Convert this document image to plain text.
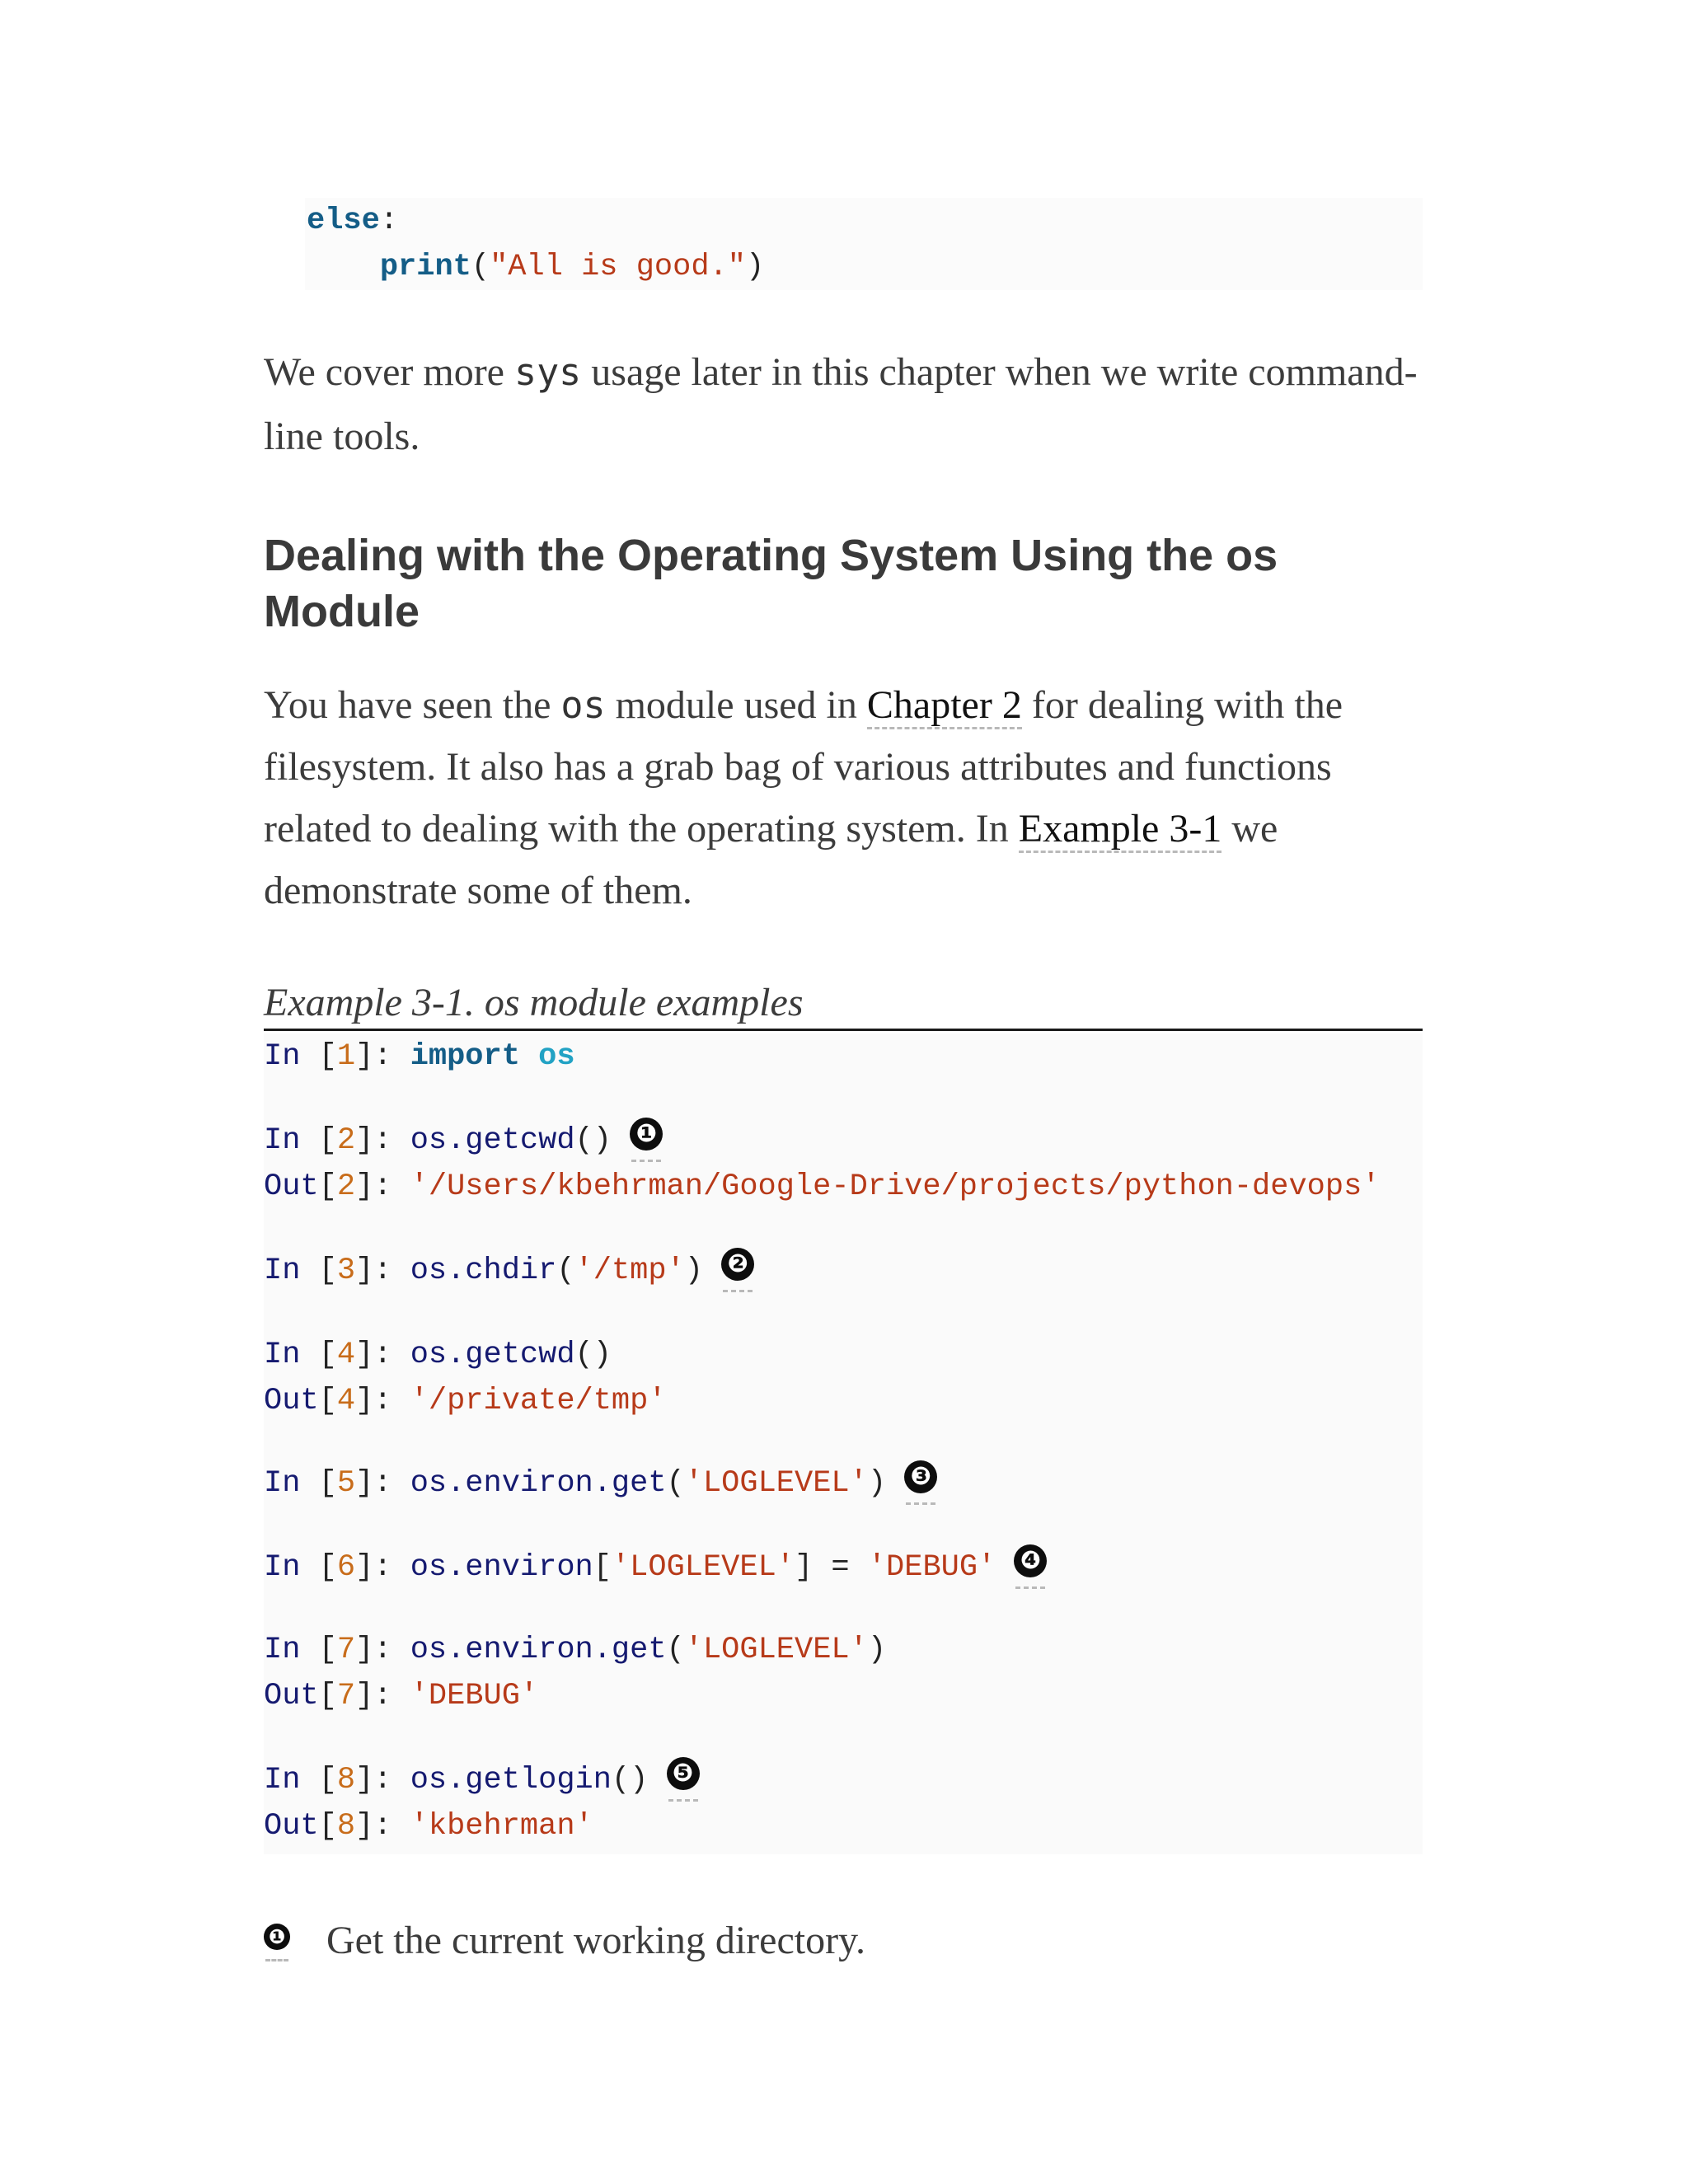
else:
print("All is good.")
We cover more sys usage later in this chapter when we write command-line tools.
Dealing with the Operating System Using the os Module
You have seen the os module used in Chapter 2 for dealing with the filesystem. It also has a grab bag of various attributes and functions related to dealing with the operating system. In Example 3-1 we demonstrate some of them.
Example 3-1. os module examples
In [1]: import os
In [2]: os.getcwd() ❶
Out[2]: '/Users/kbehrman/Google-Drive/projects/python-devops'
In [3]: os.chdir('/tmp') ❷
In [4]: os.getcwd()
Out[4]: '/private/tmp'
In [5]: os.environ.get('LOGLEVEL') ❸
In [6]: os.environ['LOGLEVEL'] = 'DEBUG' ❹
In [7]: os.environ.get('LOGLEVEL')
Out[7]: 'DEBUG'
In [8]: os.getlogin() ❺
Out[8]: 'kbehrman'
❶ Get the current working directory.
